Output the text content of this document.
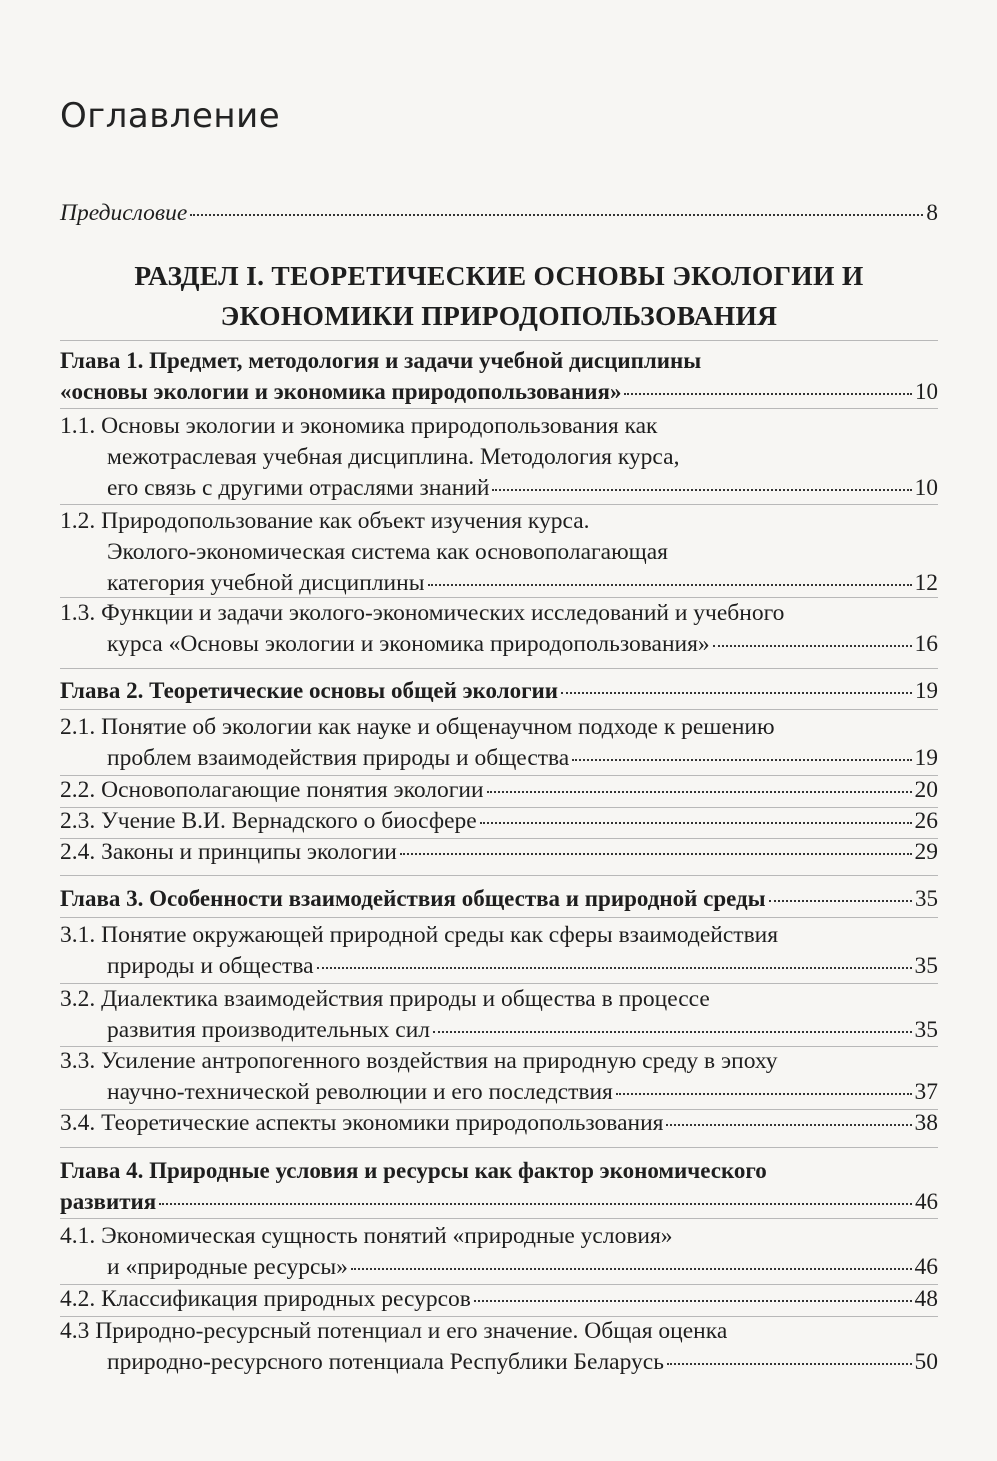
Оглавление
Предисловие	8
РАЗДЕЛ I. ТЕОРЕТИЧЕСКИЕ ОСНОВЫ ЭКОЛОГИИ И
ЭКОНОМИКИ ПРИРОДОПОЛЬЗОВАНИЯ
Глава 1. Предмет, методология и задачи учебной дисциплины
«основы экологии и экономика природопользования»	10
1.1. Основы экологии и экономика природопользования как
межотраслевая учебная дисциплина. Методология курса,
его связь с другими отраслями знаний	10
1.2. Природопользование как объект изучения курса.
Эколого-экономическая система как основополагающая
категория учебной дисциплины	12
1.3. Функции и задачи эколого-экономических исследований и учебного
курса «Основы экологии и экономика природопользования»	16
Глава 2. Теоретические основы общей экологии	19
2.1. Понятие об экологии как науке и общенаучном подходе к решению
проблем взаимодействия природы и общества	19
2.2. Основополагающие понятия экологии	20
2.3. Учение В.И. Вернадского о биосфере	26
2.4. Законы и принципы экологии	29
Глава 3. Особенности взаимодействия общества и природной среды	35
3.1. Понятие окружающей природной среды как сферы взаимодействия
природы и общества	35
3.2. Диалектика взаимодействия природы и общества в процессе
развития производительных сил	35
3.3. Усиление антропогенного воздействия на природную среду в эпоху
научно-технической революции и его последствия	37
3.4. Теоретические аспекты экономики природопользования	38
Глава 4. Природные условия и ресурсы как фактор экономического
развития	46
4.1. Экономическая сущность понятий «природные условия»
и «природные ресурсы»	46
4.2. Классификация природных ресурсов	48
4.3 Природно-ресурсный потенциал и его значение. Общая оценка
природно-ресурсного потенциала Республики Беларусь	50
